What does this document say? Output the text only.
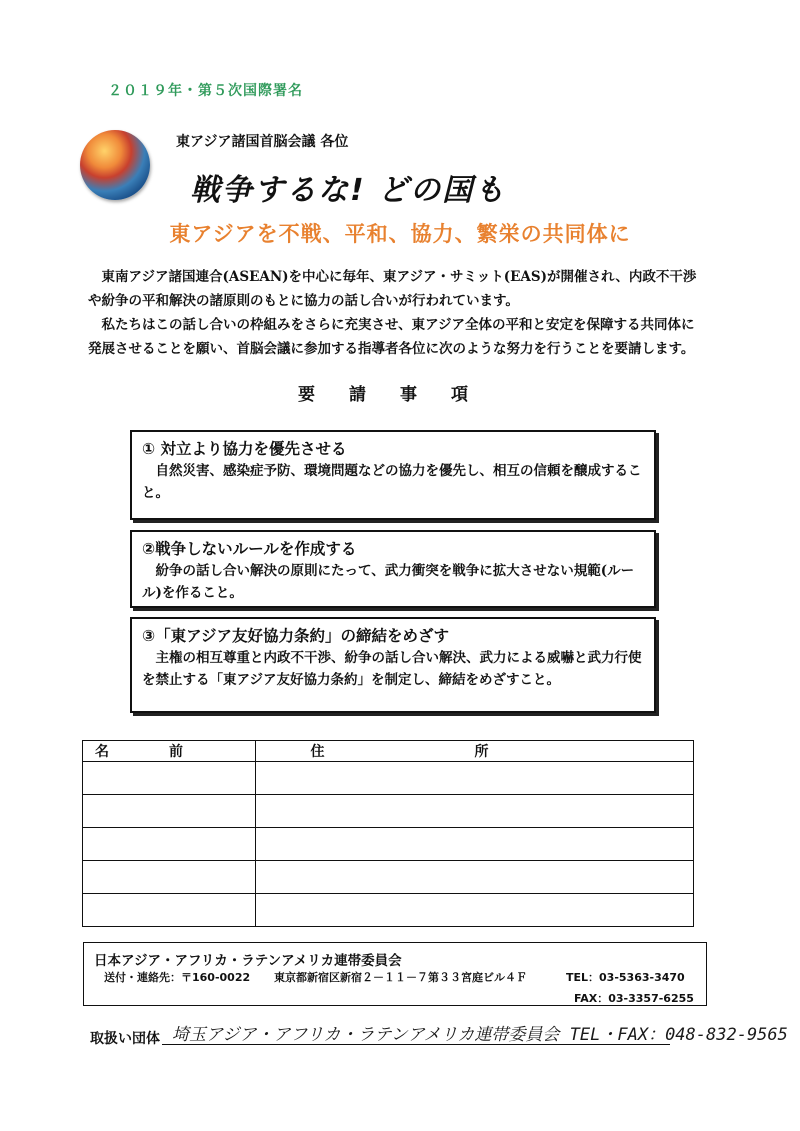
２０１９年・第５次国際署名
東アジア諸国首脳会議 各位
戦争するな! どの国も
東アジアを不戦、平和、協力、繁栄の共同体に

東南アジア諸国連合(ASEAN)を中心に毎年、東アジア・サミット(EAS)が開催され、内政不干渉や紛争の平和解決の諸原則のもとに協力の話し合いが行われています。

私たちはこの話し合いの枠組みをさらに充実させ、東アジア全体の平和と安定を保障する共同体に発展させることを願い、首脳会議に参加する指導者各位に次のような努力を行うことを要請します。

要請事項
① 対立より協力を優先させる
自然災害、感染症予防、環境問題などの協力を優先し、相互の信頼を醸成すること。
②戦争しないルールを作成する
紛争の話し合い解決の原則にたって、武力衝突を戦争に拡大させない規範(ルール)を作ること。
③「東アジア友好協力条約」の締結をめざす
主権の相互尊重と内政不干渉、紛争の話し合い解決、武力による威嚇と武力行使を禁止する「東アジア友好協力条約」を制定し、締結をめざすこと。
名前	住所

日本アジア・アフリカ・ラテンアメリカ連帯委員会
送付・連絡先：〒160-0022 東京都新宿区新宿２－１１－７第３３宮庭ビル４Ｆ	TEL：03-5363-3470
FAX：03-3357-6255
取扱い団体 埼玉アジア・アフリカ・ラテンアメリカ連帯委員会 TEL・FAX：048-832-9565
